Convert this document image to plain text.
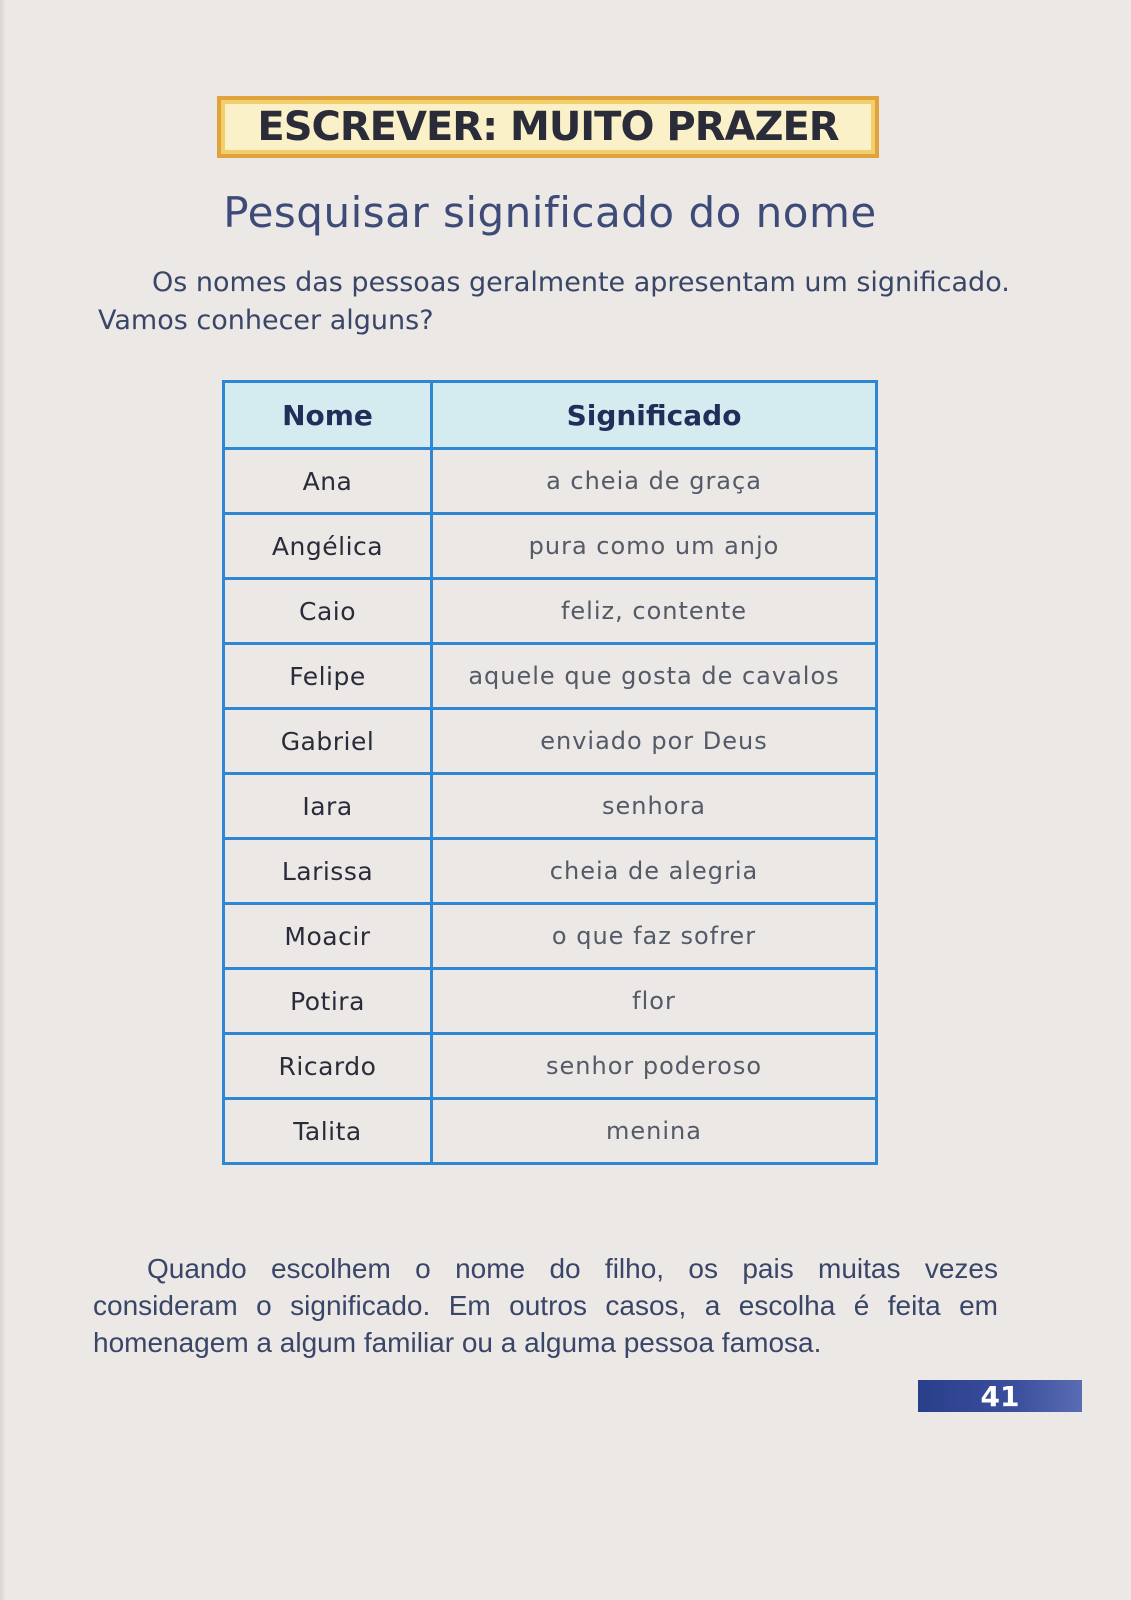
ESCREVER: MUITO PRAZER
Pesquisar significado do nome

Os nomes das pessoas geralmente apresentam um significado.

Vamos conhecer alguns?

Nome	Significado
Ana	a cheia de graça
Angélica	pura como um anjo
Caio	feliz, contente
Felipe	aquele que gosta de cavalos
Gabriel	enviado por Deus
Iara	senhora
Larissa	cheia de alegria
Moacir	o que faz sofrer
Potira	flor
Ricardo	senhor poderoso
Talita	menina

Quando escolhem o nome do filho, os pais muitas vezes consideram o significado. Em outros casos, a escolha é feita em homenagem a algum familiar ou a alguma pessoa famosa.

41
